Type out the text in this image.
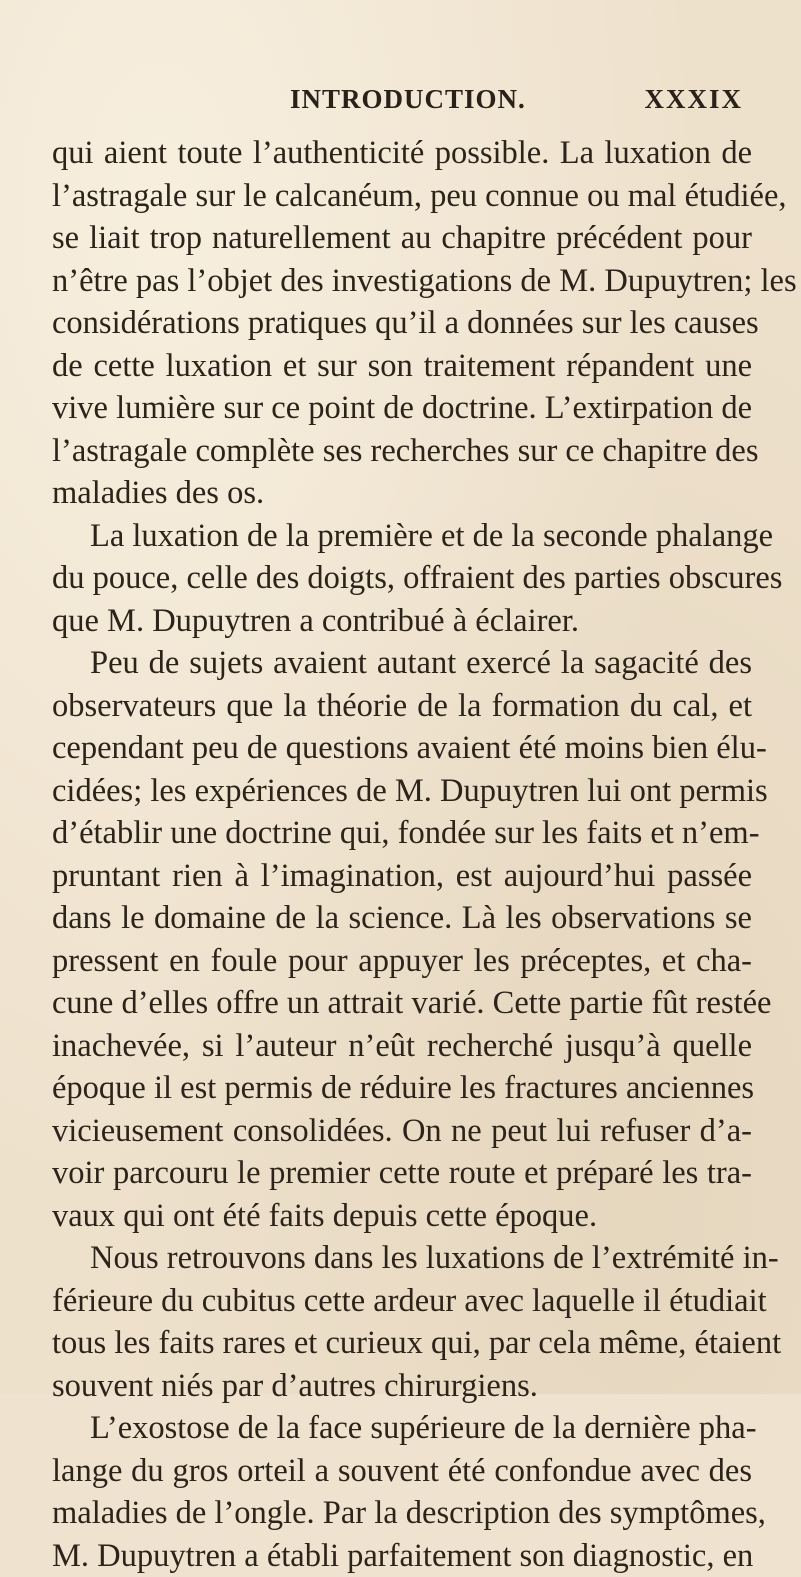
INTRODUCTION.	XXXIX
qui aient toute l’authenticité possible. La luxation de
l’astragale sur le calcanéum, peu connue ou mal étudiée,
se liait trop naturellement au chapitre précédent pour
n’être pas l’objet des investigations de M. Dupuytren; les
considérations pratiques qu’il a données sur les causes
de cette luxation et sur son traitement répandent une
vive lumière sur ce point de doctrine. L’extirpation de
l’astragale complète ses recherches sur ce chapitre des
maladies des os.
La luxation de la première et de la seconde phalange
du pouce, celle des doigts, offraient des parties obscures
que M. Dupuytren a contribué à éclairer.
Peu de sujets avaient autant exercé la sagacité des
observateurs que la théorie de la formation du cal, et
cependant peu de questions avaient été moins bien élu-
cidées; les expériences de M. Dupuytren lui ont permis
d’établir une doctrine qui, fondée sur les faits et n’em-
pruntant rien à l’imagination, est aujourd’hui passée
dans le domaine de la science. Là les observations se
pressent en foule pour appuyer les préceptes, et cha-
cune d’elles offre un attrait varié. Cette partie fût restée
inachevée, si l’auteur n’eût recherché jusqu’à quelle
époque il est permis de réduire les fractures anciennes
vicieusement consolidées. On ne peut lui refuser d’a-
voir parcouru le premier cette route et préparé les tra-
vaux qui ont été faits depuis cette époque.
Nous retrouvons dans les luxations de l’extrémité in-
férieure du cubitus cette ardeur avec laquelle il étudiait
tous les faits rares et curieux qui, par cela même, étaient
souvent niés par d’autres chirurgiens.
L’exostose de la face supérieure de la dernière pha-
lange du gros orteil a souvent été confondue avec des
maladies de l’ongle. Par la description des symptômes,
M. Dupuytren a établi parfaitement son diagnostic, en
